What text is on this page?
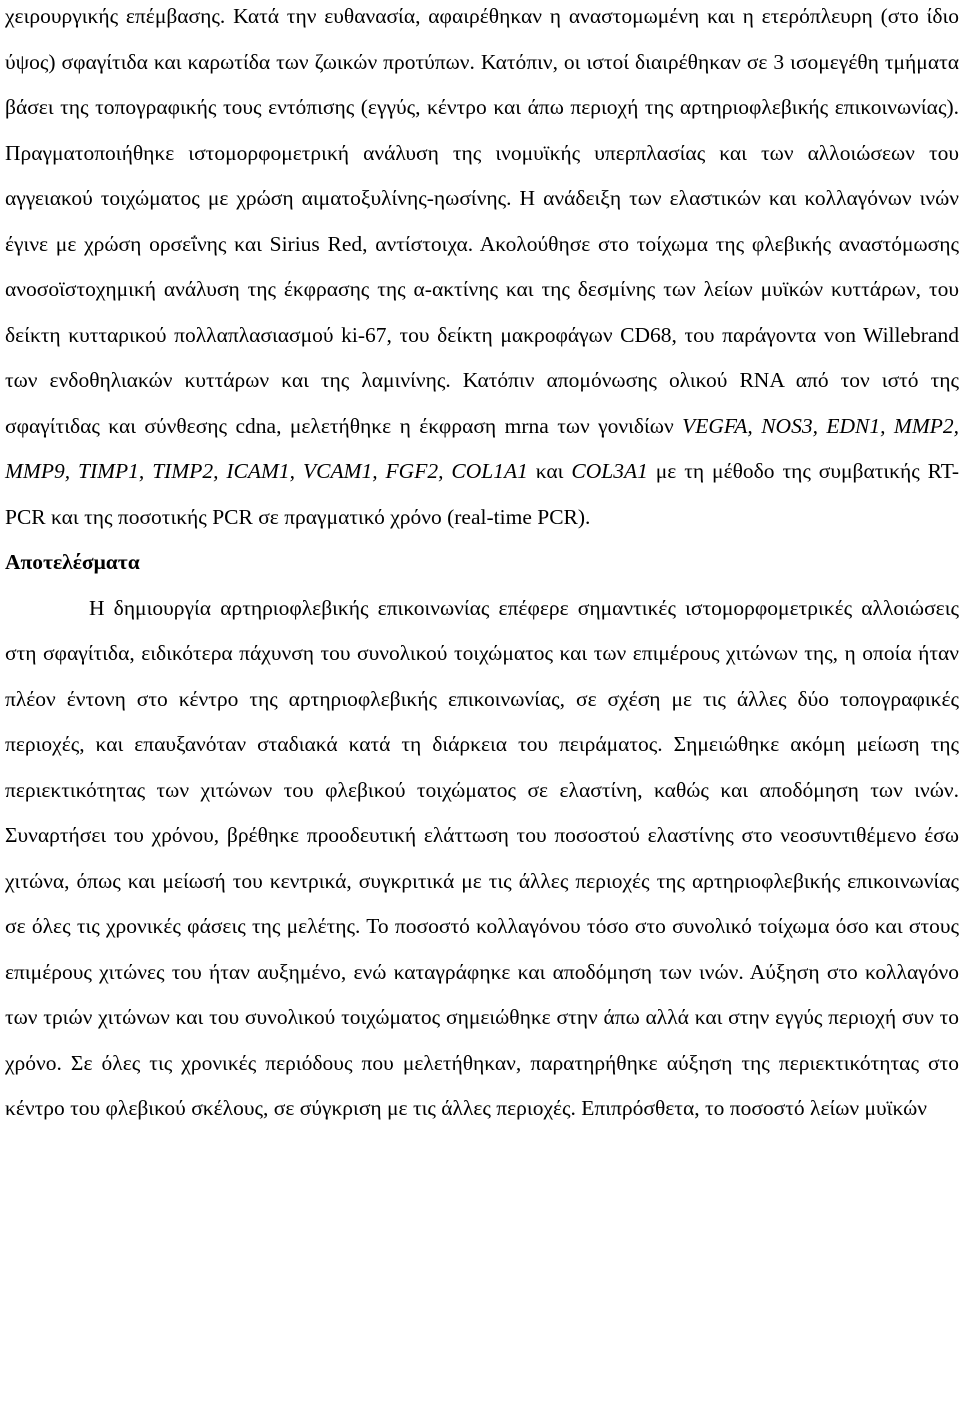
χειρουργικής επέμβασης. Κατά την ευθανασία, αφαιρέθηκαν η αναστομωμένη και η ετερόπλευρη (στο ίδιο ύψος) σφαγίτιδα και καρωτίδα των ζωικών προτύπων. Κατόπιν, οι ιστοί διαιρέθηκαν σε 3 ισομεγέθη τμήματα βάσει της τοπογραφικής τους εντόπισης (εγγύς, κέντρο και άπω περιοχή της αρτηριοφλεβικής επικοινωνίας). Πραγματοποιήθηκε ιστομορφομετρική ανάλυση της ινομυϊκής υπερπλασίας και των αλλοιώσεων του αγγειακού τοιχώματος με χρώση αιματοξυλίνης-ηωσίνης. Η ανάδειξη των ελαστικών και κολλαγόνων ινών έγινε με χρώση ορσεΐνης και Sirius Red, αντίστοιχα. Ακολούθησε στο τοίχωμα της φλεβικής αναστόμωσης ανοσοϊστοχημική ανάλυση της έκφρασης της α-ακτίνης και της δεσμίνης των λείων μυϊκών κυττάρων, του δείκτη κυτταρικού πολλαπλασιασμού ki-67, του δείκτη μακροφάγων CD68, του παράγοντα von Willebrand των ενδοθηλιακών κυττάρων και της λαμινίνης. Κατόπιν απομόνωσης ολικού RNA από τον ιστό της σφαγίτιδας και σύνθεσης cdna, μελετήθηκε η έκφραση mrna των γονιδίων VEGFA, NOS3, EDN1, MMP2, MMP9, TIMP1, TIMP2, ICAM1, VCAM1, FGF2, COL1A1 και COL3A1 με τη μέθοδο της συμβατικής RT-PCR και της ποσοτικής PCR σε πραγματικό χρόνο (real-time PCR).

Αποτελέσματα

Η δημιουργία αρτηριοφλεβικής επικοινωνίας επέφερε σημαντικές ιστομορφομετρικές αλλοιώσεις στη σφαγίτιδα, ειδικότερα πάχυνση του συνολικού τοιχώματος και των επιμέρους χιτώνων της, η οποία ήταν πλέον έντονη στο κέντρο της αρτηριοφλεβικής επικοινωνίας, σε σχέση με τις άλλες δύο τοπογραφικές περιοχές, και επαυξανόταν σταδιακά κατά τη διάρκεια του πειράματος. Σημειώθηκε ακόμη μείωση της περιεκτικότητας των χιτώνων του φλεβικού τοιχώματος σε ελαστίνη, καθώς και αποδόμηση των ινών. Συναρτήσει του χρόνου, βρέθηκε προοδευτική ελάττωση του ποσοστού ελαστίνης στο νεοσυντιθέμενο έσω χιτώνα, όπως και μείωσή του κεντρικά, συγκριτικά με τις άλλες περιοχές της αρτηριοφλεβικής επικοινωνίας σε όλες τις χρονικές φάσεις της μελέτης. Το ποσοστό κολλαγόνου τόσο στο συνολικό τοίχωμα όσο και στους επιμέρους χιτώνες του ήταν αυξημένο, ενώ καταγράφηκε και αποδόμηση των ινών. Αύξηση στο κολλαγόνο των τριών χιτώνων και του συνολικού τοιχώματος σημειώθηκε στην άπω αλλά και στην εγγύς περιοχή συν το χρόνο. Σε όλες τις χρονικές περιόδους που μελετήθηκαν, παρατηρήθηκε αύξηση της περιεκτικότητας στο κέντρο του φλεβικού σκέλους, σε σύγκριση με τις άλλες περιοχές. Επιπρόσθετα, το ποσοστό λείων μυϊκών
